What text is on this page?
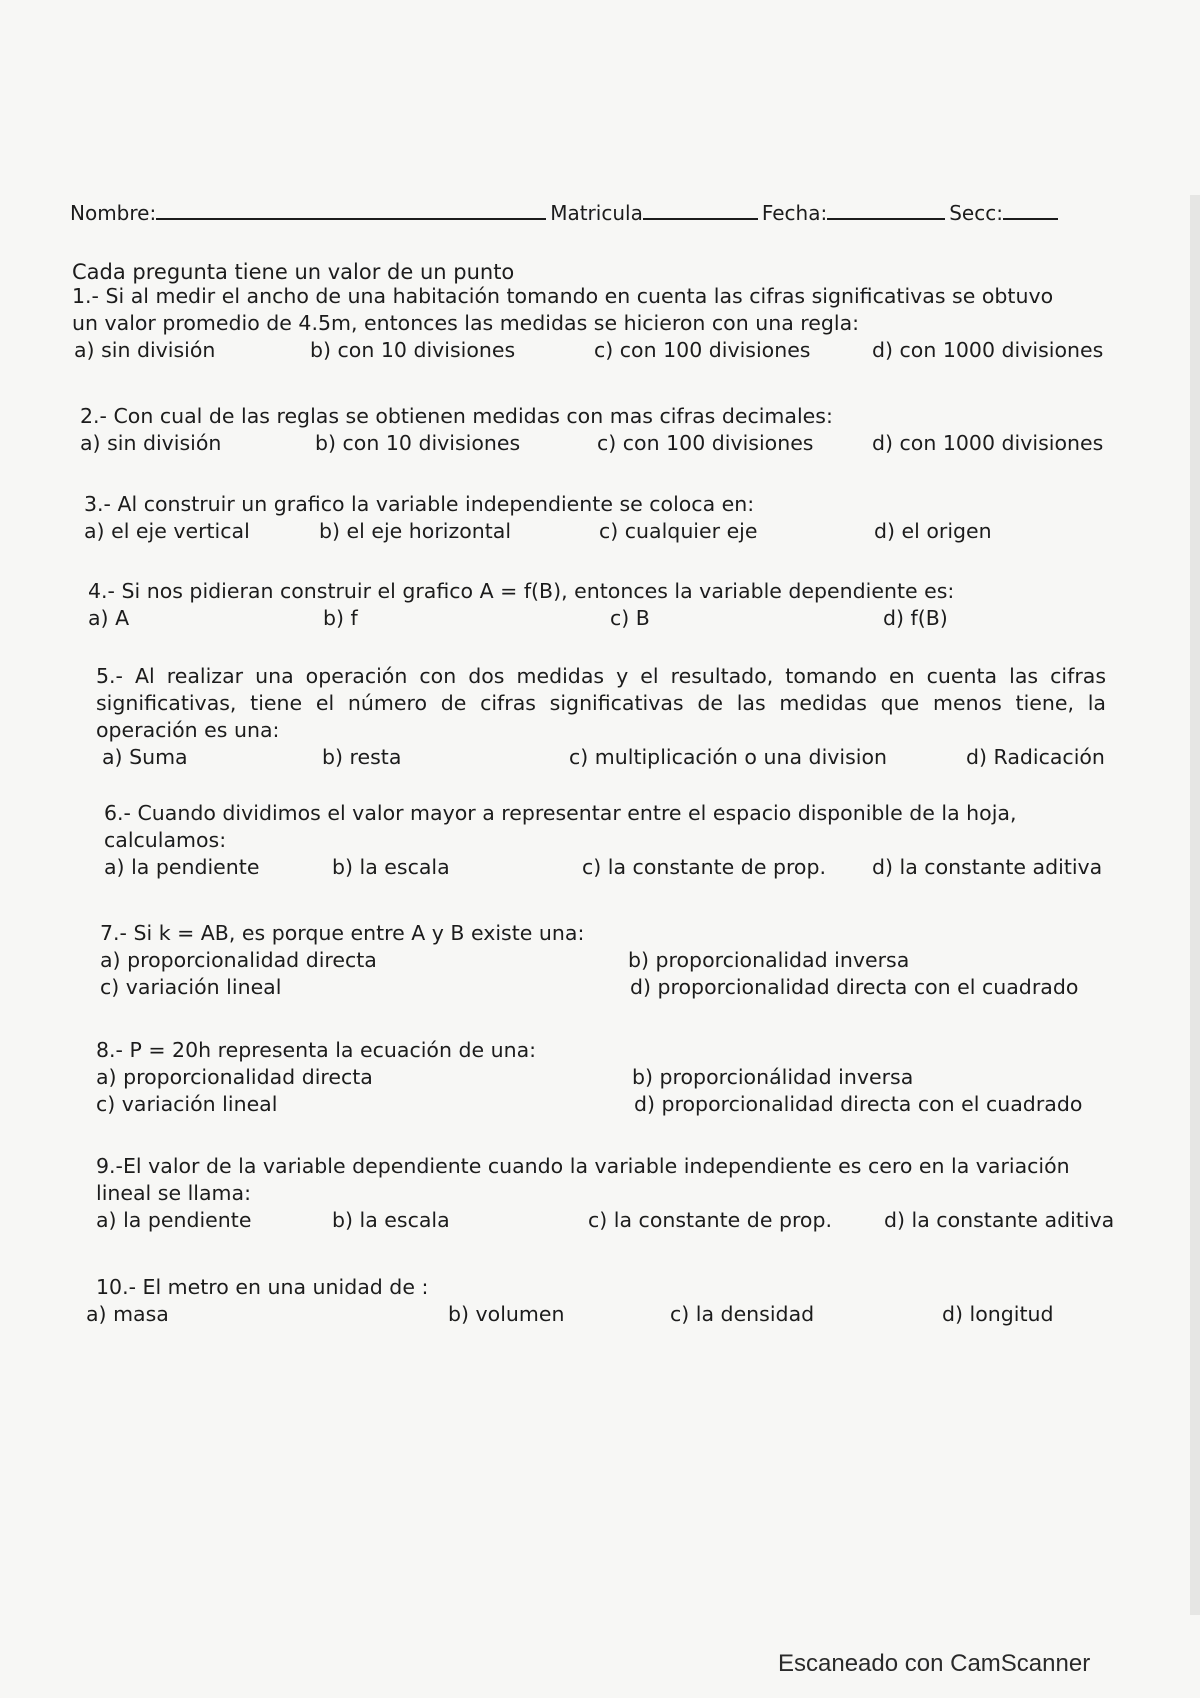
Nombre:	Matricula	Fecha:	Secc:
Cada pregunta tiene un valor de un punto
1.- Si al medir el ancho de una habitación tomando en cuenta las cifras significativas se obtuvo un valor promedio de 4.5m, entonces las medidas se hicieron con una regla:
a) sin división	b) con 10 divisiones	c) con 100 divisiones	d) con 1000 divisiones
2.- Con cual de las reglas se obtienen medidas con mas cifras decimales:
a) sin división	b) con 10 divisiones	c) con 100 divisiones	d) con 1000 divisiones
3.- Al construir un grafico la variable independiente se coloca en:
a) el eje vertical	b) el eje horizontal	c) cualquier eje	d) el origen
4.- Si nos pidieran construir el grafico A = f(B), entonces la variable dependiente es:
a) A	b) f	c) B	d) f(B)
5.- Al realizar una operación con dos medidas y el resultado, tomando en cuenta las cifras significativas, tiene el número de cifras significativas de las medidas que menos tiene, la operación es una:
a) Suma	b) resta	c) multiplicación o una division	d) Radicación
6.- Cuando dividimos el valor mayor a representar entre el espacio disponible de la hoja, calculamos:
a) la pendiente	b) la escala	c) la constante de prop. d) la constante aditiva
7.- Si k = AB, es porque entre A y B existe una:
a) proporcionalidad directa	b) proporcionalidad inversa
c) variación lineal	d) proporcionalidad directa con el cuadrado
8.- P = 20h representa la ecuación de una:
a) proporcionalidad directa	b) proporcionálidad inversa
c) variación lineal	d) proporcionalidad directa con el cuadrado
9.-El valor de la variable dependiente cuando la variable independiente es cero en la variación lineal se llama:
a) la pendiente	b) la escala	c) la constante de prop.	d) la constante aditiva
10.- El metro en una unidad de :
a) masa	b) volumen	c) la densidad	d) longitud
Escaneado con CamScanner
